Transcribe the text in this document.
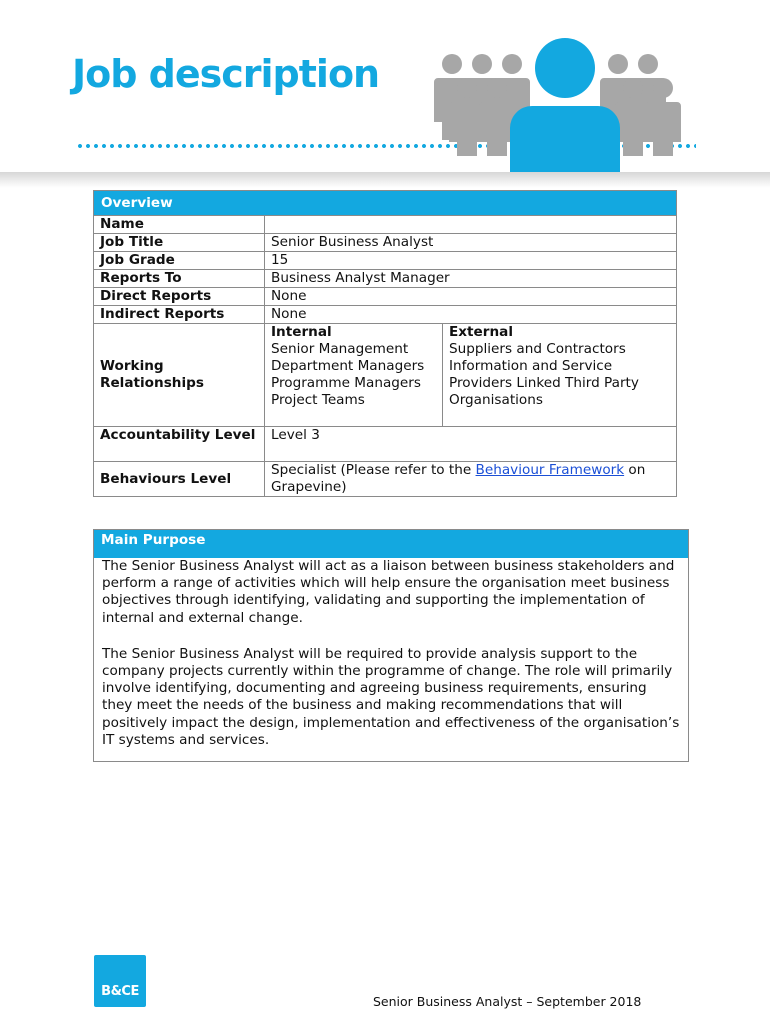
Job description
Overview
Name	
Job Title	Senior Business Analyst
Job Grade	15
Reports To	Business Analyst Manager
Direct Reports	None
Indirect Reports	None
Working Relationships	
Internal	External
Senior Management Department Managers Programme Managers Project Teams	Suppliers and Contractors Information and Service Providers Linked Third Party Organisations

Accountability Level	Level 3
Behaviours Level	Specialist (Please refer to the Behaviour Framework on Grapevine)
Main Purpose

The Senior Business Analyst will act as a liaison between business stakeholders and perform a range of activities which will help ensure the organisation meet business objectives through identifying, validating and supporting the implementation of internal and external change.

The Senior Business Analyst will be required to provide analysis support to the company projects currently within the programme of change. The role will primarily involve identifying, documenting and agreeing business requirements, ensuring they meet the needs of the business and making recommendations that will positively impact the design, implementation and effectiveness of the organisation’s IT systems and services.

B&CE
Senior Business Analyst – September 2018
